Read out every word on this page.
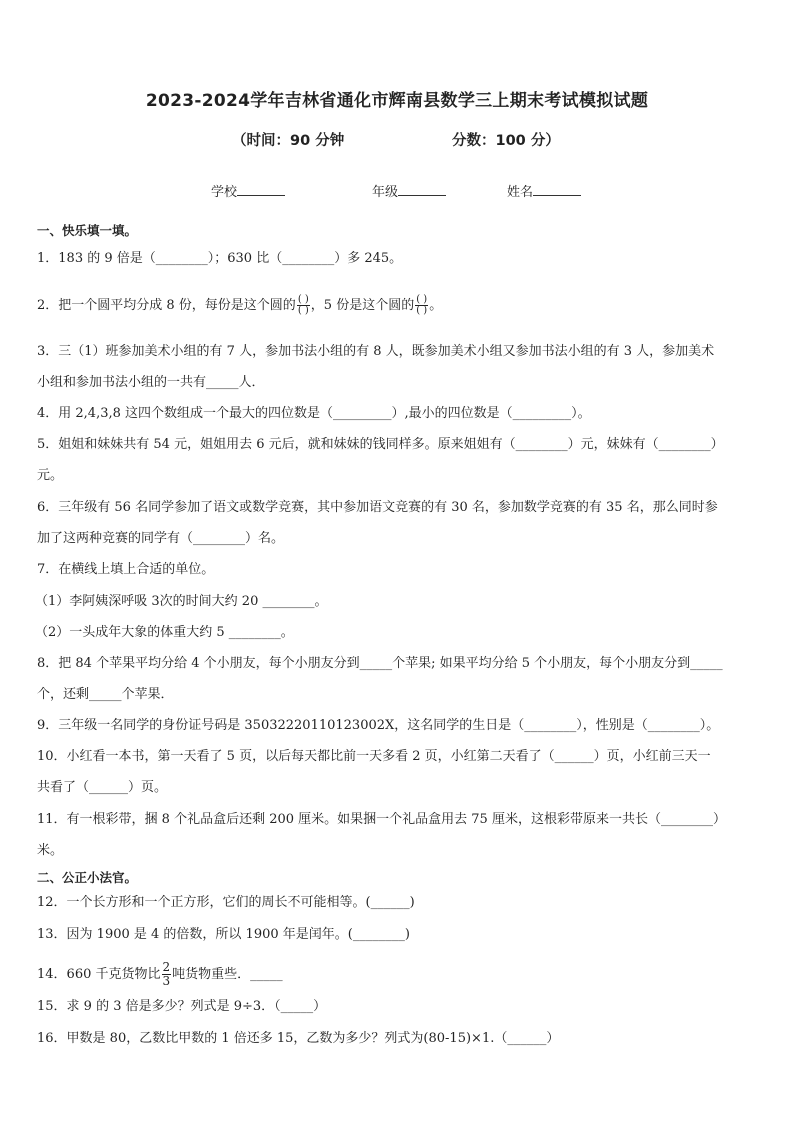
2023-2024学年吉林省通化市辉南县数学三上期末考试模拟试题
（时间：90 分钟	分数：100 分）
学校	年级	姓名
一、快乐填一填。
1．183 的 9 倍是（________）；630 比（________）多 245。
2．把一个圆平均分成 8 份，每份是这个圆的 $\frac{( )}{( )}$ ，5 份是这个圆的 $\frac{( )}{( )}$ 。
3．三（1）班参加美术小组的有 7 人，参加书法小组的有 8 人，既参加美术小组又参加书法小组的有 3 人，参加美术
小组和参加书法小组的一共有_____人．
4．用 2,4,3,8 这四个数组成一个最大的四位数是（_________）,最小的四位数是（_________）。
5．姐姐和妹妹共有 54 元，姐姐用去 6 元后，就和妹妹的钱同样多。原来姐姐有（________）元，妹妹有（________）
元。
6．三年级有 56 名同学参加了语文或数学竞赛，其中参加语文竞赛的有 30 名，参加数学竞赛的有 35 名，那么同时参
加了这两种竞赛的同学有（________）名。
7．在横线上填上合适的单位。
（1）李阿姨深呼吸 3次的时间大约 20 ________。
（2）一头成年大象的体重大约 5 ________。
8．把 84 个苹果平均分给 4 个小朋友，每个小朋友分到_____个苹果; 如果平均分给 5 个小朋友，每个小朋友分到_____
个，还剩_____个苹果．
9．三年级一名同学的身份证号码是 35032220110123002X，这名同学的生日是（________），性别是（________）。
10．小红看一本书，第一天看了 5 页，以后每天都比前一天多看 2 页，小红第二天看了（______）页，小红前三天一
共看了（______）页。
11．有一根彩带，捆 8 个礼品盒后还剩 200 厘米。如果捆一个礼品盒用去 75 厘米，这根彩带原来一共长（________）
米。
二、公正小法官。
12．一个长方形和一个正方形，它们的周长不可能相等。(______)
13．因为 1900 是 4 的倍数，所以 1900 年是闰年。(________)
14．660 千克货物比 $\frac{2}{3}$ 吨货物重些．_____
15．求 9 的 3 倍是多少？列式是 9÷3．（_____）
16．甲数是 80，乙数比甲数的 1 倍还多 15，乙数为多少？列式为(80-15)×1.（______）
